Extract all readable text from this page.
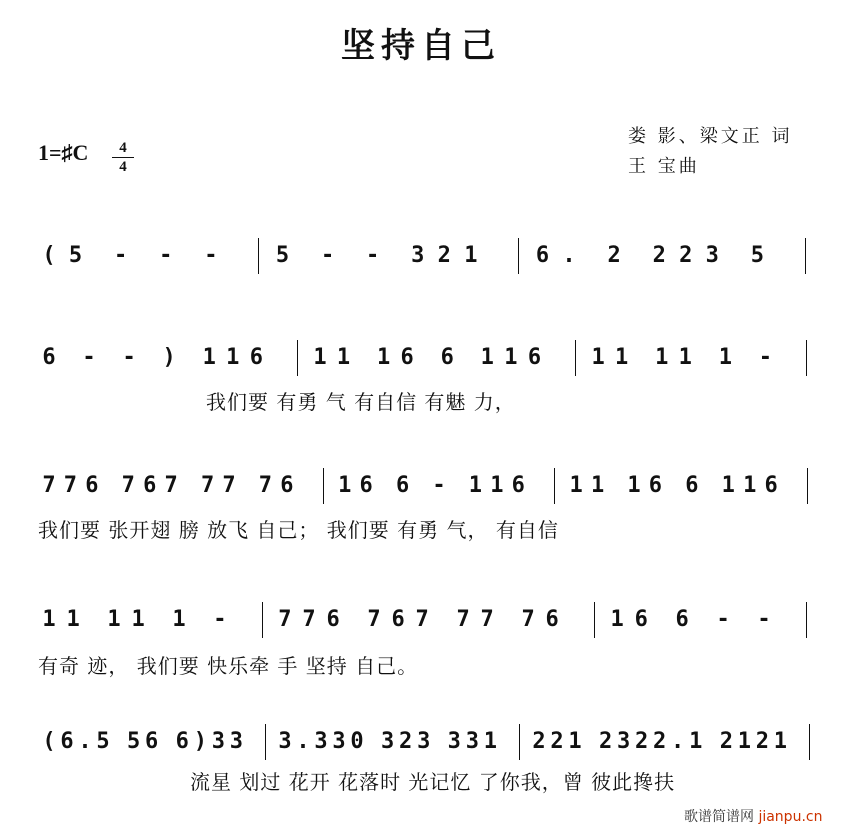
坚持自己
1=♯C	4
4
娄 影、梁文正 词
王 宝曲
( 5 - - -	5 - - 3 2 1	6 . 2 2 2 3 5
6 - - ) 1 1 6 1 1 1 6 6 1 1 6 1 1 1 1 1 -
7 7 6 7 6 7 7 7 7 6 1 6 6 - 1 1 6 1 1 1 6 6 1 1 6
1 1 1 1 1 - 7 7 6 7 6 7 7 7 7 6 1 6 6 - -
( 6 . 5 5 6 6 ) 3 3 3 . 3 3 0 3 2 3 3 3 1 2 2 1 2 3 2 2 . 1 2 1 2 1
我们要 有勇 气 有自信 有魅 力，
我们要 张开翅 膀 放飞 自己； 我们要 有勇 气， 有自信
有奇 迹， 我们要 快乐牵 手 坚持 自己。
流星 划过 花开 花落时 光记忆 了你我，曾 彼此搀扶
歌谱简谱网 jianpu.cn
